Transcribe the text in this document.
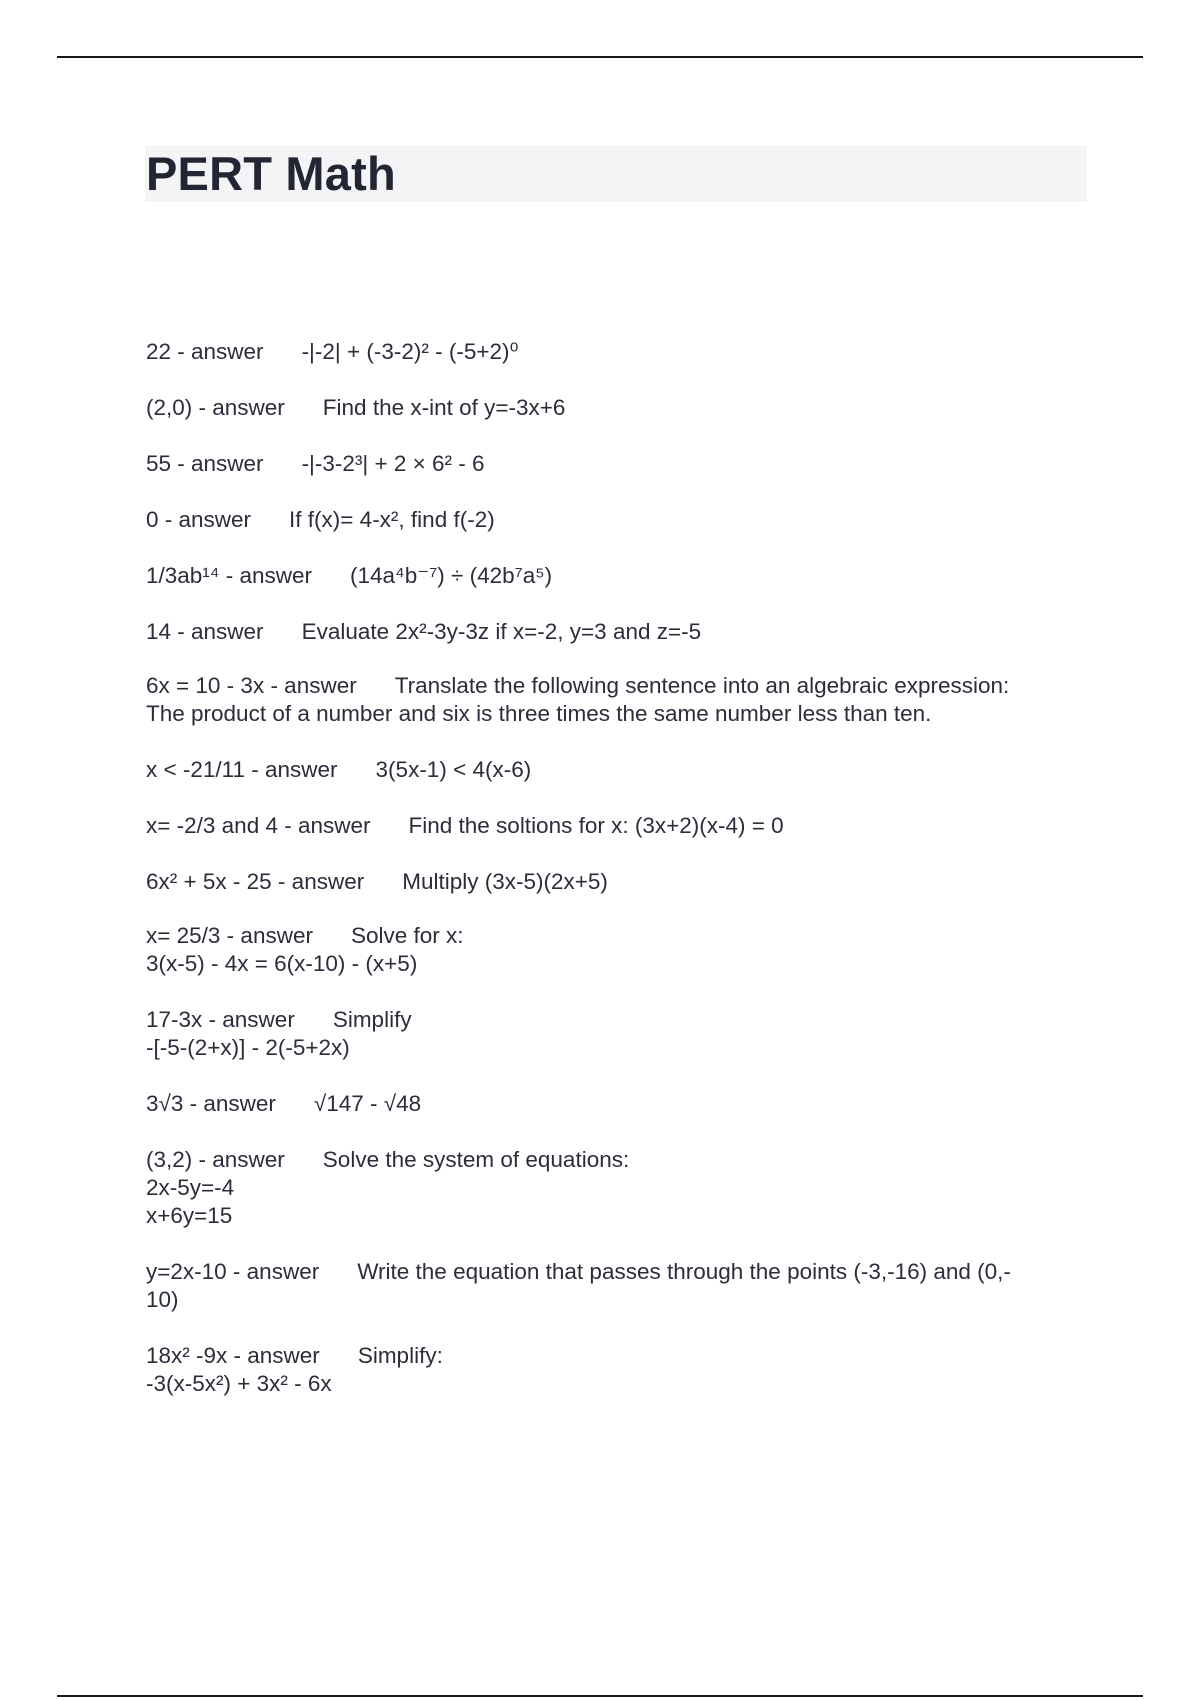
PERT Math
22 - answer -|-2| + (-3-2)² - (-5+2)⁰
(2,0) - answer Find the x-int of y=-3x+6
55 - answer -|-3-2³| + 2 × 6² - 6
0 - answer If f(x)= 4-x², find f(-2)
1/3ab¹⁴ - answer (14a⁴b⁻⁷) ÷ (42b⁷a⁵)
14 - answer Evaluate 2x²-3y-3z if x=-2, y=3 and z=-5
6x = 10 - 3x - answer Translate the following sentence into an algebraic expression:
The product of a number and six is three times the same number less than ten.
x < -21/11 - answer 3(5x-1) < 4(x-6)
x= -2/3 and 4 - answer Find the soltions for x: (3x+2)(x-4) = 0
6x² + 5x - 25 - answer Multiply (3x-5)(2x+5)
x= 25/3 - answer Solve for x:
3(x-5) - 4x = 6(x-10) - (x+5)
17-3x - answer Simplify
-[-5-(2+x)] - 2(-5+2x)
3√3 - answer √147 - √48
(3,2) - answer Solve the system of equations:
2x-5y=-4
x+6y=15
y=2x-10 - answer Write the equation that passes through the points (-3,-16) and (0,-
10)
18x² -9x - answer Simplify:
-3(x-5x²) + 3x² - 6x
